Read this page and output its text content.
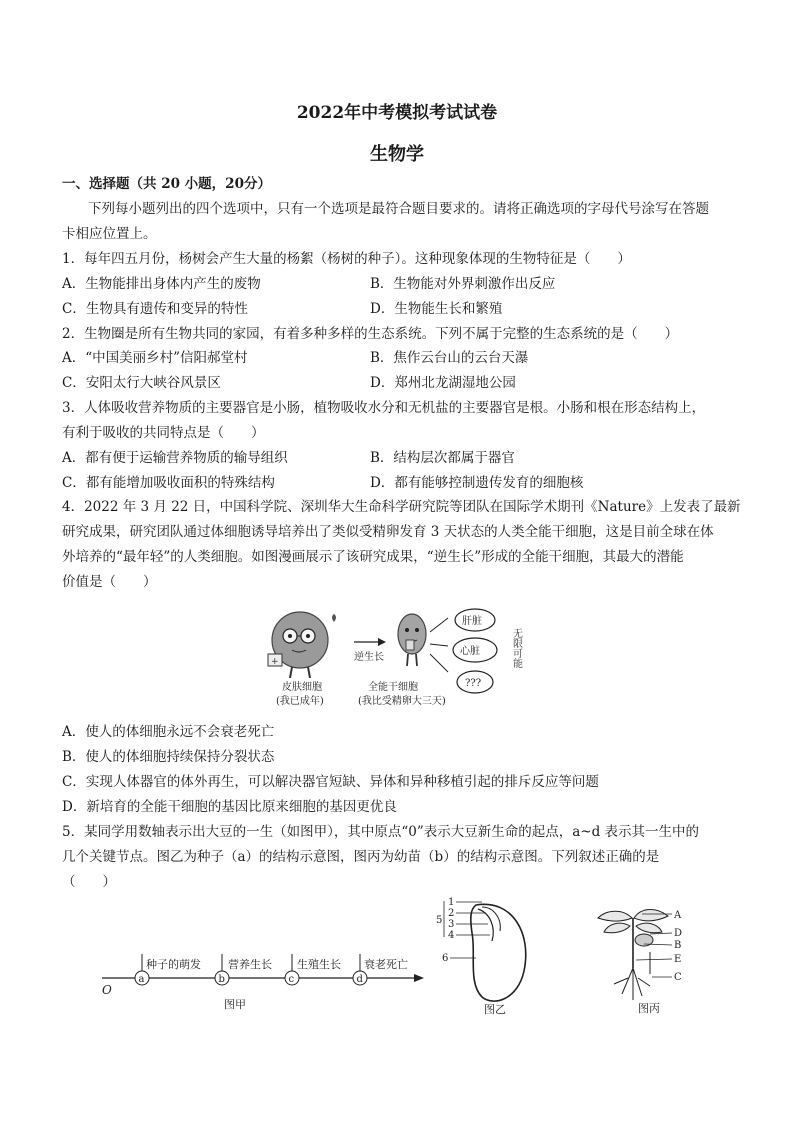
2022年中考模拟考试试卷
生物学
一、选择题（共 20 小题，20分）
下列每小题列出的四个选项中，只有一个选项是最符合题目要求的。请将正确选项的字母代号涂写在答题
卡相应位置上。
1．每年四五月份，杨树会产生大量的杨絮（杨树的种子）。这种现象体现的生物特征是（　　）
A．生物能排出身体内产生的废物	B．生物能对外界刺激作出反应
C．生物具有遗传和变异的特性	D．生物能生长和繁殖
2．生物圈是所有生物共同的家园，有着多种多样的生态系统。下列不属于完整的生态系统的是（　　）
A．“中国美丽乡村”信阳郝堂村	B．焦作云台山的云台天瀑
C．安阳太行大峡谷风景区	D．郑州北龙湖湿地公园
3．人体吸收营养物质的主要器官是小肠，植物吸收水分和无机盐的主要器官是根。小肠和根在形态结构上，
有利于吸收的共同特点是（　　）
A．都有便于运输营养物质的输导组织	B．结构层次都属于器官
C．都有能增加吸收面积的特殊结构	D．都有能够控制遗传发育的细胞核
4．2022 年 3 月 22 日，中国科学院、深圳华大生命科学研究院等团队在国际学术期刊《Nature》上发表了最新
研究成果，研究团队通过体细胞诱导培养出了类似受精卵发育 3 天状态的人类全能干细胞，这是目前全球在体
外培养的“最年轻”的人类细胞。如图漫画展示了该研究成果，“逆生长”形成的全能干细胞，其最大的潜能
价值是（　　）
+	逆生长
肝脏
心脏
???
无限可能
皮肤细胞
(我已成年)
全能干细胞
(我比受精卵大三天)
A．使人的体细胞永远不会衰老死亡
B．使人的体细胞持续保持分裂状态
C．实现人体器官的体外再生，可以解决器官短缺、异体和异种移植引起的排斥反应等问题
D．新培育的全能干细胞的基因比原来细胞的基因更优良
5．某同学用数轴表示出大豆的一生（如图甲），其中原点“0”表示大豆新生命的起点，a~d 表示其一生中的
几个关键节点。图乙为种子（a）的结构示意图，图丙为幼苗（b）的结构示意图。下列叙述正确的是
（　　）
O
a	b	c	d
种子的萌发 营养生长 生殖生长 衰老死亡
图甲
1
2
3
4
5
6
图乙
A
D
B
E
C
图丙
